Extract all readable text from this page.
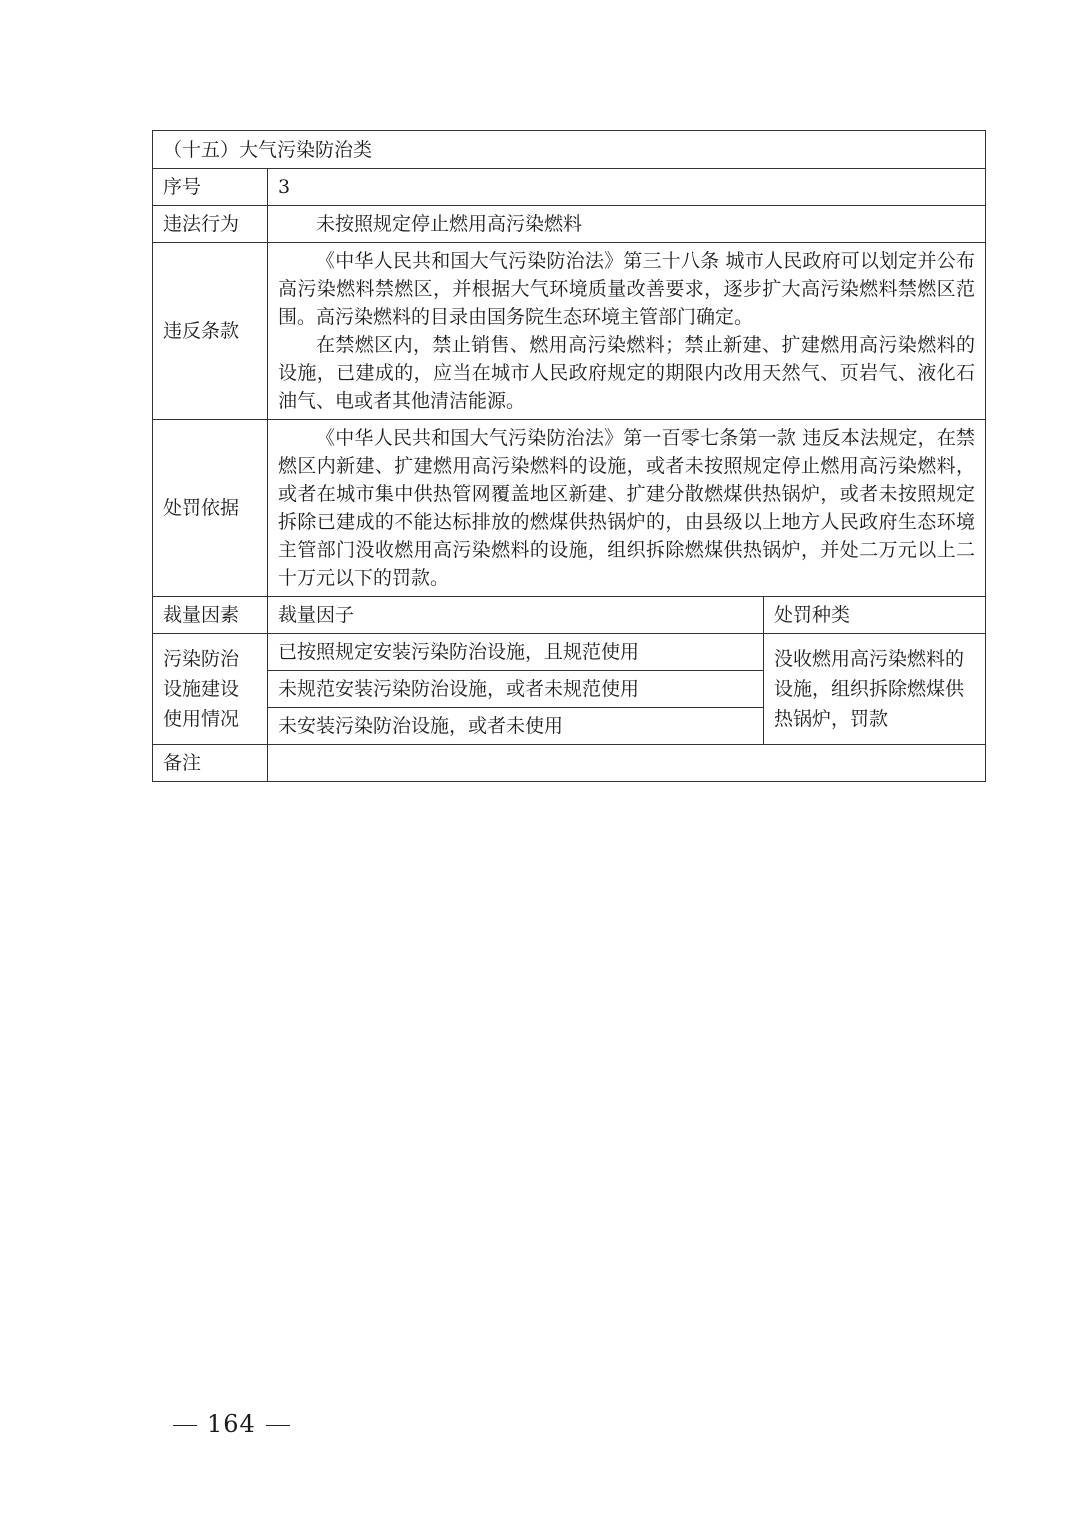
（十五）大气污染防治类		
序号	3	
违法行为	未按照规定停止燃用高污染燃料	

违反条款	《中华人民共和国大气污染防治法》第三十八条 城市人民政府可以划定并公布高污染燃料禁燃区，并根据大气环境质量改善要求，逐步扩大高污染燃料禁燃区范围。高污染燃料的目录由国务院生态环境主管部门确定。

在禁燃区内，禁止销售、燃用高污染燃料；禁止新建、扩建燃用高污染燃料的设施，已建成的，应当在城市人民政府规定的期限内改用天然气、页岩气、液化石油气、电或者其他清洁能源。	

处罚依据	《中华人民共和国大气污染防治法》第一百零七条第一款 违反本法规定，在禁燃区内新建、扩建燃用高污染燃料的设施，或者未按照规定停止燃用高污染燃料，或者在城市集中供热管网覆盖地区新建、扩建分散燃煤供热锅炉，或者未按照规定拆除已建成的不能达标排放的燃煤供热锅炉的，由县级以上地方人民政府生态环境主管部门没收燃用高污染燃料的设施，组织拆除燃煤供热锅炉，并处二万元以上二十万元以下的罚款。	

裁量因素	裁量因子	处罚种类
污染防治设施建设使用情况	已按照规定安装污染防治设施，且规范使用	没收燃用高污染燃料的设施，组织拆除燃煤供热锅炉，罚款
	未规范安装污染防治设施，或者未规范使用	
	未安装污染防治设施，或者未使用	
备注		
164
